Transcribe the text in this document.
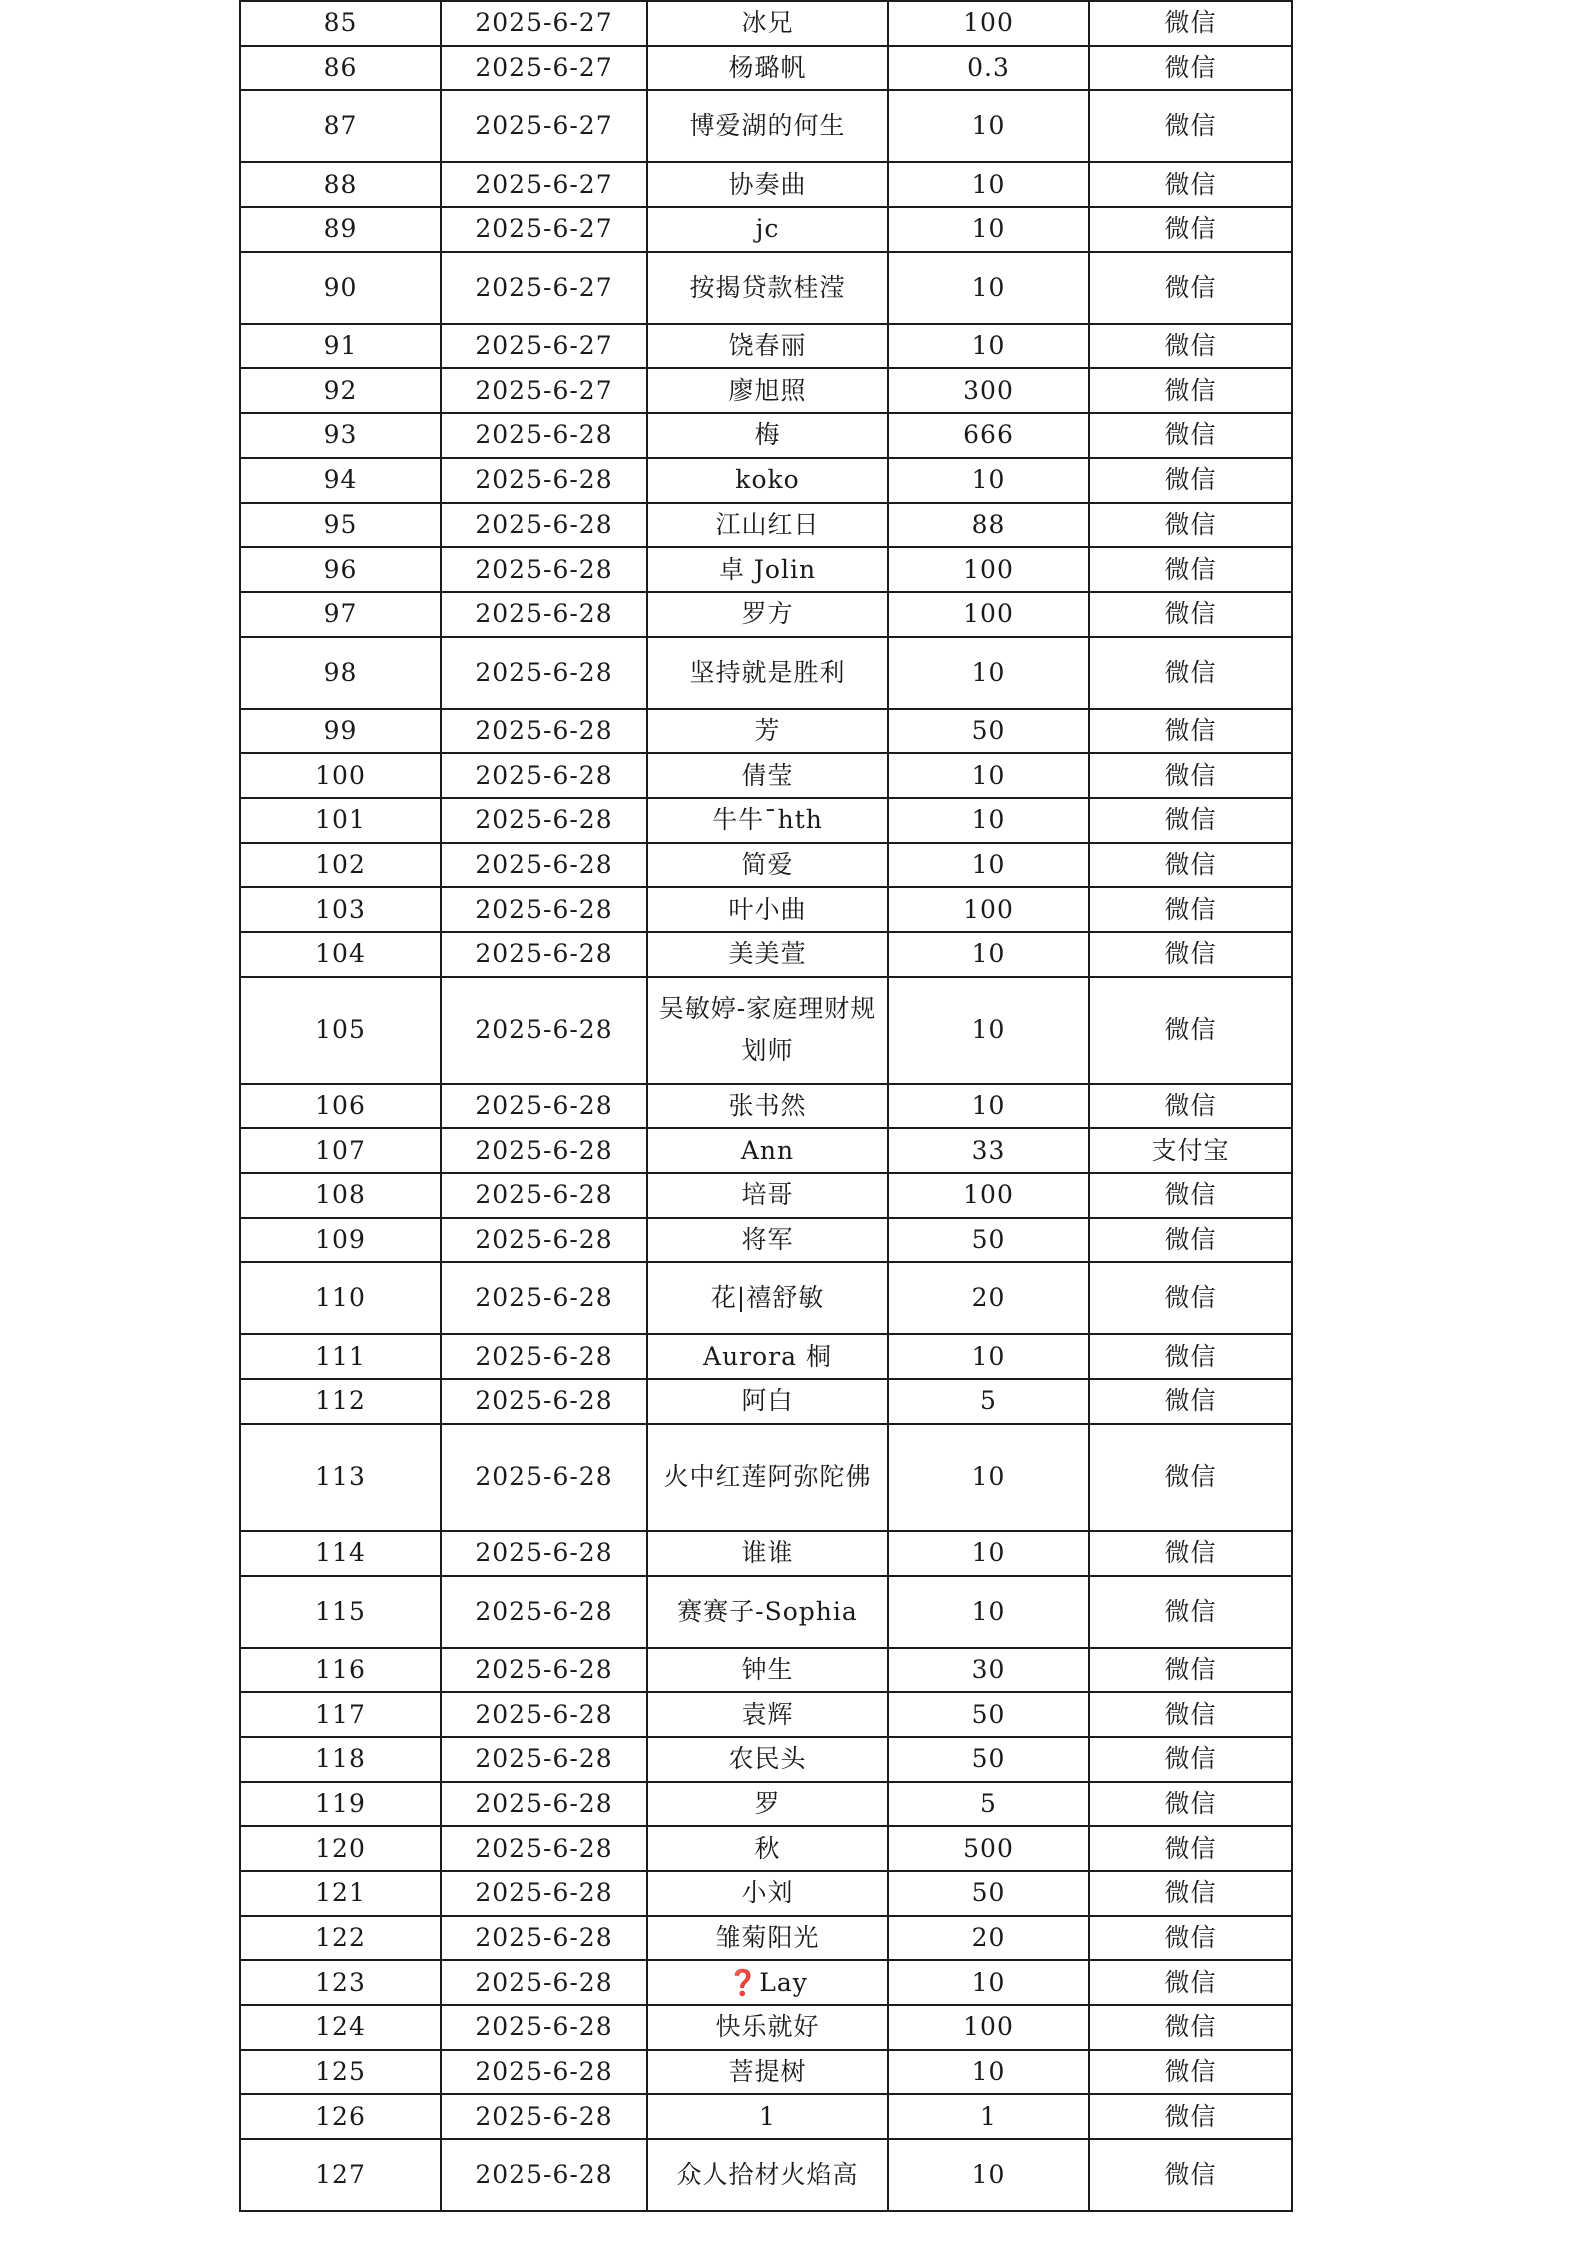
85	2025-6-27	冰兄	100	微信
86	2025-6-27	杨璐帆	0.3	微信
87	2025-6-27	博爱湖的何生	10	微信
88	2025-6-27	协奏曲	10	微信
89	2025-6-27	jc	10	微信
90	2025-6-27	按揭贷款桂滢	10	微信
91	2025-6-27	饶春丽	10	微信
92	2025-6-27	廖旭照	300	微信
93	2025-6-28	梅	666	微信
94	2025-6-28	koko	10	微信
95	2025-6-28	江山红日	88	微信
96	2025-6-28	卓 Jolin	100	微信
97	2025-6-28	罗方	100	微信
98	2025-6-28	坚持就是胜利	10	微信
99	2025-6-28	芳	50	微信
100	2025-6-28	倩莹	10	微信
101	2025-6-28	牛牛¯hth	10	微信
102	2025-6-28	简爱	10	微信
103	2025-6-28	叶小曲	100	微信
104	2025-6-28	美美萱	10	微信
105	2025-6-28	吴敏婷-家庭理财规划师	10	微信
106	2025-6-28	张书然	10	微信
107	2025-6-28	Ann	33	支付宝
108	2025-6-28	培哥	100	微信
109	2025-6-28	将军	50	微信
110	2025-6-28	花|禧舒敏	20	微信
111	2025-6-28	Aurora 桐	10	微信
112	2025-6-28	阿白	5	微信
113	2025-6-28	火中红莲阿弥陀佛	10	微信
114	2025-6-28	谁谁	10	微信
115	2025-6-28	赛赛子-Sophia	10	微信
116	2025-6-28	钟生	30	微信
117	2025-6-28	袁辉	50	微信
118	2025-6-28	农民头	50	微信
119	2025-6-28	罗	5	微信
120	2025-6-28	秋	500	微信
121	2025-6-28	小刘	50	微信
122	2025-6-28	雏菊阳光	20	微信
123	2025-6-28	❓Lay	10	微信
124	2025-6-28	快乐就好	100	微信
125	2025-6-28	菩提树	10	微信
126	2025-6-28	1	1	微信
127	2025-6-28	众人拾材火焰高	10	微信
